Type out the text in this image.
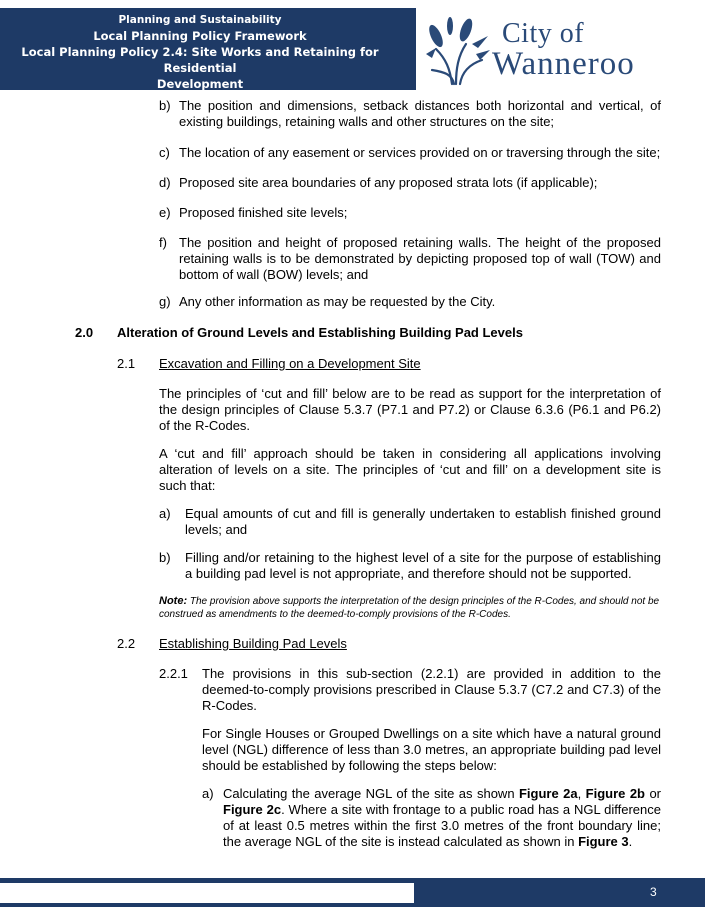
Planning and Sustainability
Local Planning Policy Framework
Local Planning Policy 2.4: Site Works and Retaining for Residential
Development
City of
Wanneroo
b) The position and dimensions, setback distances both horizontal and vertical, of existing buildings, retaining walls and other structures on the site;
c) The location of any easement or services provided on or traversing through the site;
d) Proposed site area boundaries of any proposed strata lots (if applicable);
e) Proposed finished site levels;
f) The position and height of proposed retaining walls. The height of the proposed retaining walls is to be demonstrated by depicting proposed top of wall (TOW) and bottom of wall (BOW) levels; and
g) Any other information as may be requested by the City.
2.0 Alteration of Ground Levels and Establishing Building Pad Levels
2.1 Excavation and Filling on a Development Site
The principles of ‘cut and fill’ below are to be read as support for the interpretation of the design principles of Clause 5.3.7 (P7.1 and P7.2) or Clause 6.3.6 (P6.1 and P6.2) of the R-Codes.
A ‘cut and fill’ approach should be taken in considering all applications involving alteration of levels on a site. The principles of ‘cut and fill’ on a development site is such that:
a) Equal amounts of cut and fill is generally undertaken to establish finished ground levels; and
b) Filling and/or retaining to the highest level of a site for the purpose of establishing a building pad level is not appropriate, and therefore should not be supported.
Note: The provision above supports the interpretation of the design principles of the R-Codes, and should not be construed as amendments to the deemed-to-comply provisions of the R-Codes.
2.2 Establishing Building Pad Levels
2.2.1 The provisions in this sub-section (2.2.1) are provided in addition to the deemed-to-comply provisions prescribed in Clause 5.3.7 (C7.2 and C7.3) of the R-Codes.
For Single Houses or Grouped Dwellings on a site which have a natural ground level (NGL) difference of less than 3.0 metres, an appropriate building pad level should be established by following the steps below:
a) Calculating the average NGL of the site as shown Figure 2a, Figure 2b or Figure 2c. Where a site with frontage to a public road has a NGL difference of at least 0.5 metres within the first 3.0 metres of the front boundary line; the average NGL of the site is instead calculated as shown in Figure 3.
3
